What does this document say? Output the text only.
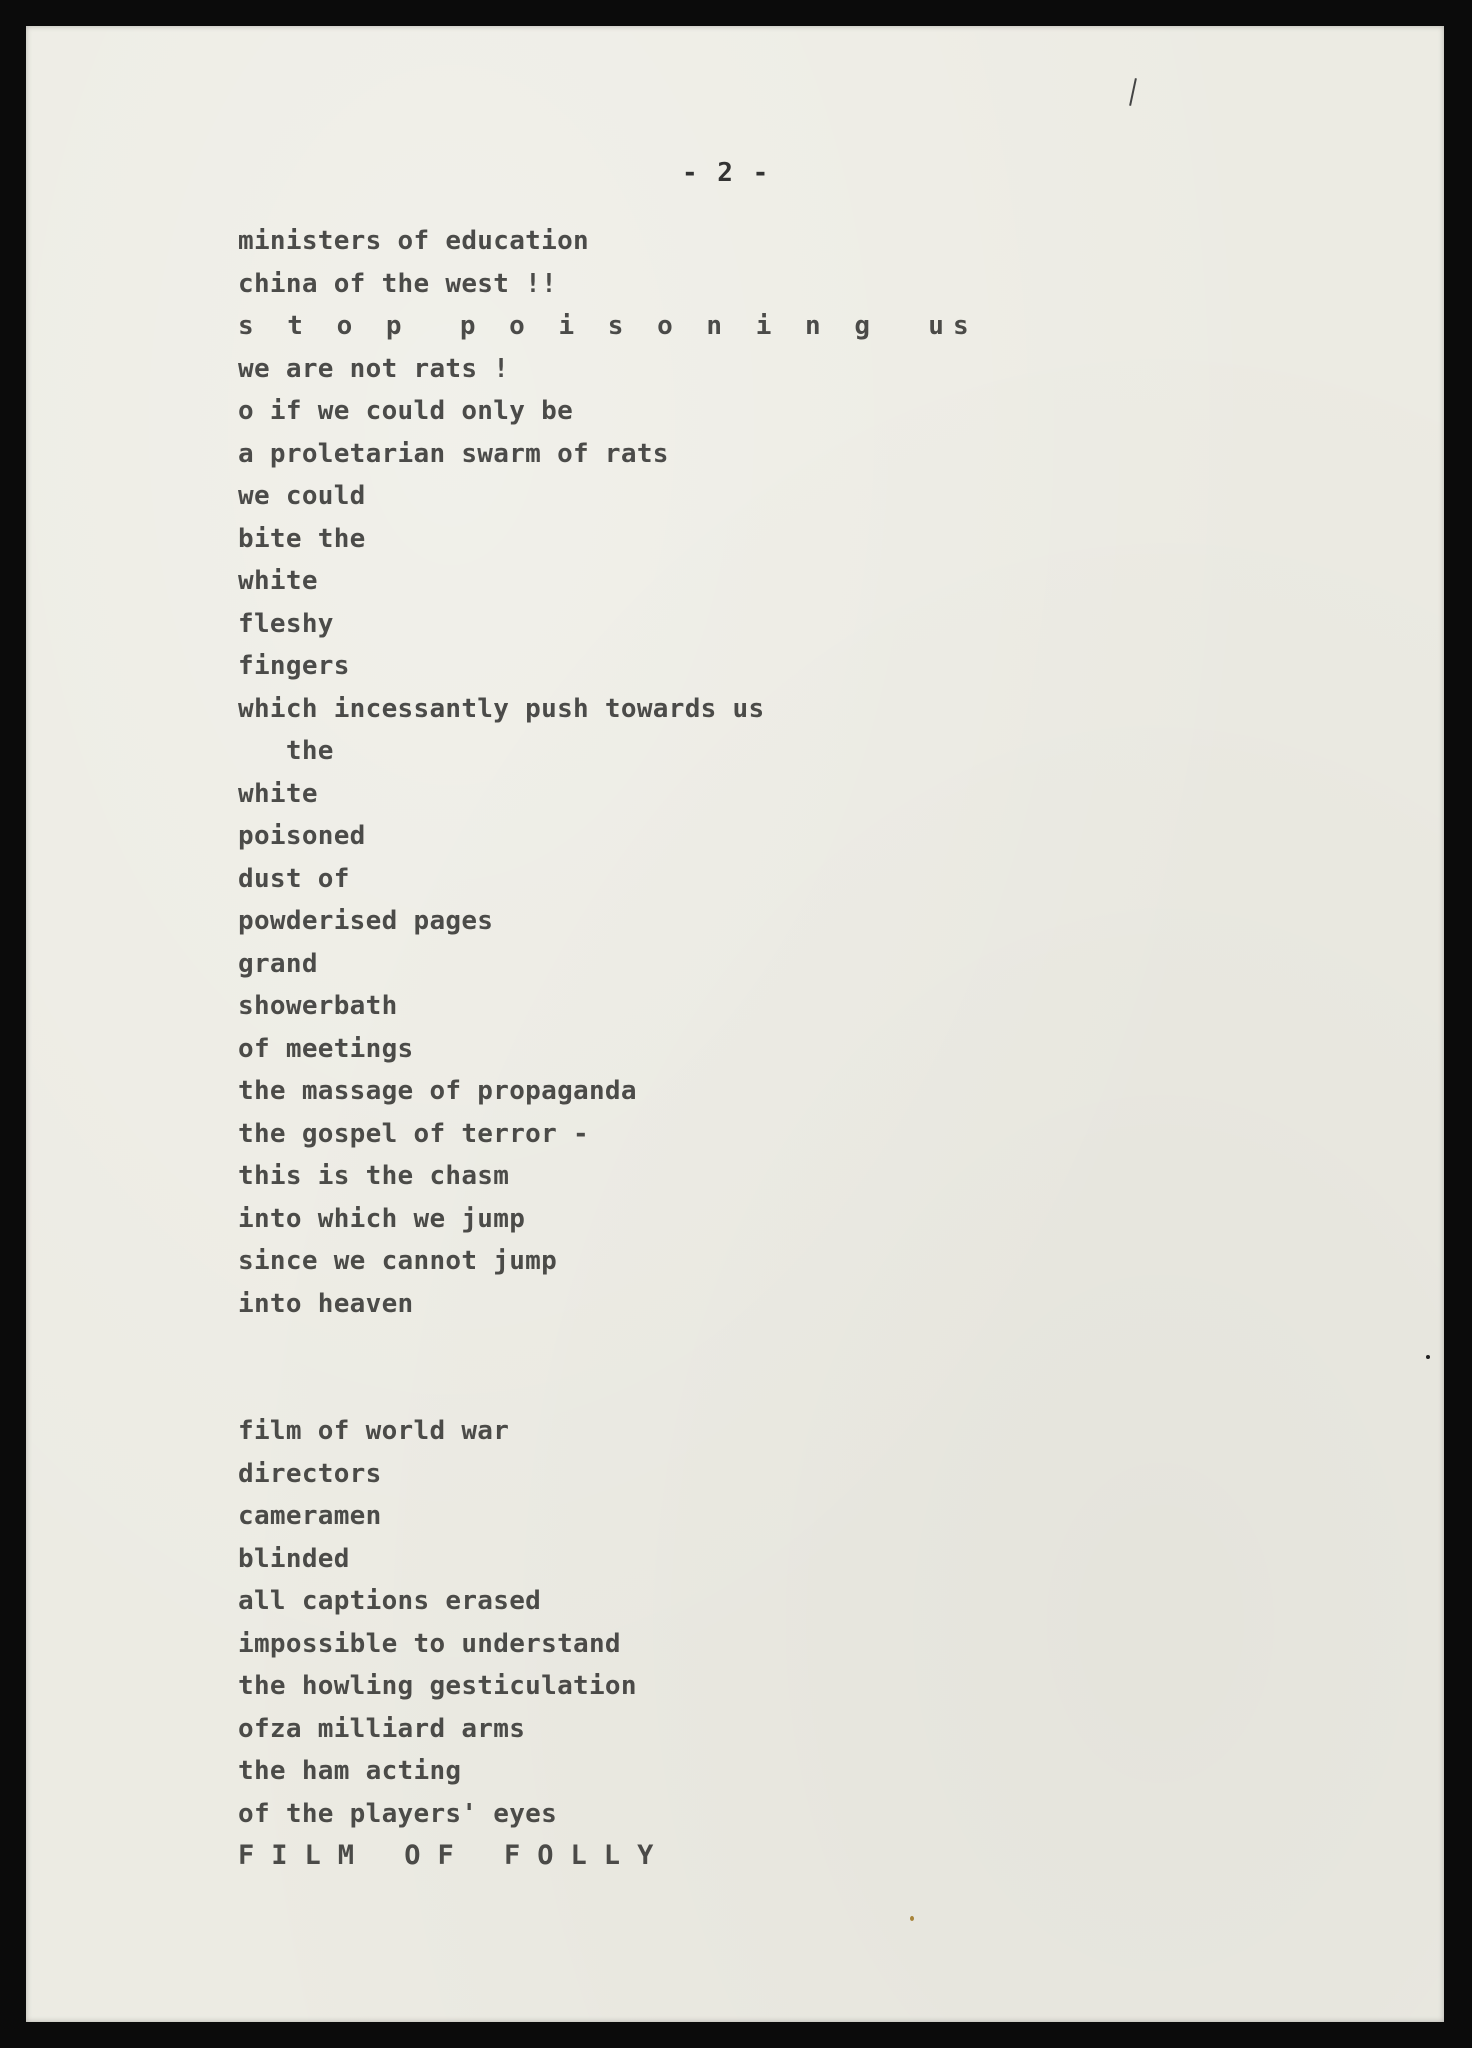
- 2 -
ministers of education
china of the west !!
s t o p  p o i s o n i n g  us
we are not rats !
o if we could only be
a proletarian swarm of rats
we could
bite the
white
fleshy
fingers
which incessantly push towards us
the
white
poisoned
dust of
powderised pages
grand
showerbath
of meetings
the massage of propaganda
the gospel of terror -
this is the chasm
into which we jump
since we cannot jump
into heaven
film of world war
directors
cameramen
blinded
all captions erased
impossible to understand
the howling gesticulation
ofza milliard arms
the ham acting
of the players' eyes
FILM OF FOLLY
